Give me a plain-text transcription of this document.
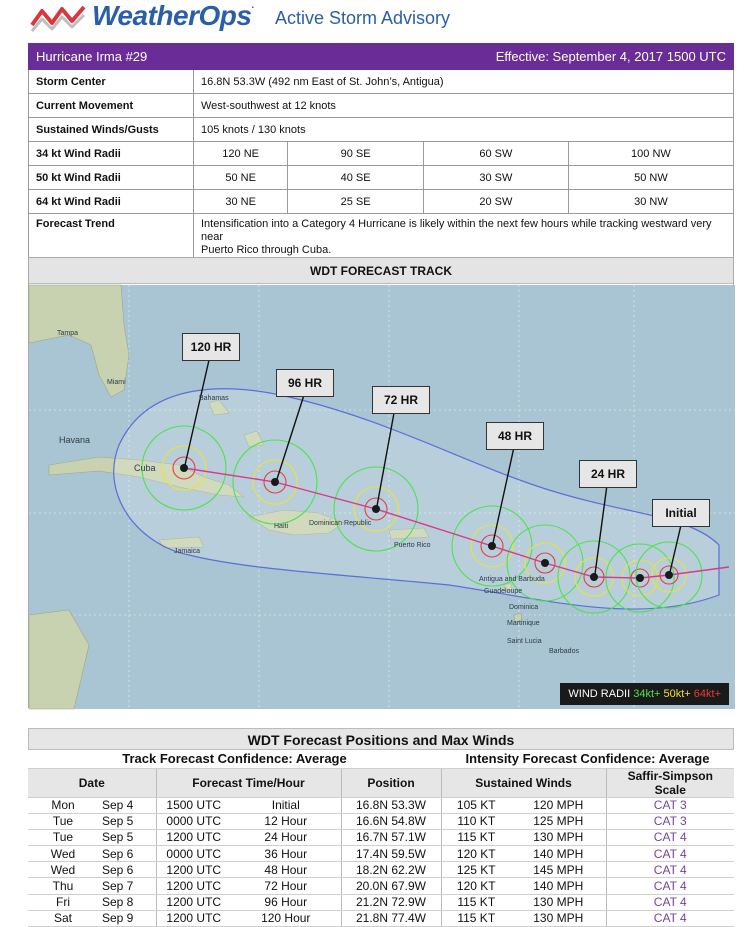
WeatherOps.
Active Storm Advisory
Hurricane Irma #29		Effective: September 4, 2017 1500 UTC		
Storm Center	16.8N 53.3W (492 nm East of St. John’s, Antigua)			
Current Movement	West-southwest at 12 knots			
Sustained Winds/Gusts	105 knots / 130 knots			
34 kt Wind Radii	120 NE	90 SE	60 SW	100 NW
50 kt Wind Radii	50 NE	40 SE	30 SW	50 NW
64 kt Wind Radii	30 NE	25 SE	20 SW	30 NW
Forecast Trend	Intensification into a Category 4 Hurricane is likely within the next few hours while tracking westward very near
Puerto Rico through Cuba.			
WDT FORECAST TRACK
Tampa
Miami
Bahamas
Havana
Cuba
Haiti	Dominican Republic
Puerto Rico
Jamaica
Antigua and Barbuda
Guadeloupe
Dominica
Martinique
Saint Lucia
Barbados
120 HR
96 HR
72 HR
48 HR
24 HR
Initial
WIND RADII 34kt+ 50kt+ 64kt+
WDT Forecast Positions and Max Winds
Track Forecast Confidence: Average					Intensity Forecast Confidence: Average		
Date		Forecast Time/Hour		Position	Sustained Winds		Saffir-Simpson Scale
Mon	Sep 4	1500 UTC	Initial	16.8N 53.3W	105 KT	120 MPH	CAT 3
Tue	Sep 5	0000 UTC	12 Hour	16.6N 54.8W	110 KT	125 MPH	CAT 3
Tue	Sep 5	1200 UTC	24 Hour	16.7N 57.1W	115 KT	130 MPH	CAT 4
Wed	Sep 6	0000 UTC	36 Hour	17.4N 59.5W	120 KT	140 MPH	CAT 4
Wed	Sep 6	1200 UTC	48 Hour	18.2N 62.2W	125 KT	145 MPH	CAT 4
Thu	Sep 7	1200 UTC	72 Hour	20.0N 67.9W	120 KT	140 MPH	CAT 4
Fri	Sep 8	1200 UTC	96 Hour	21.2N 72.9W	115 KT	130 MPH	CAT 4
Sat	Sep 9	1200 UTC	120 Hour	21.8N 77.4W	115 KT	130 MPH	CAT 4
